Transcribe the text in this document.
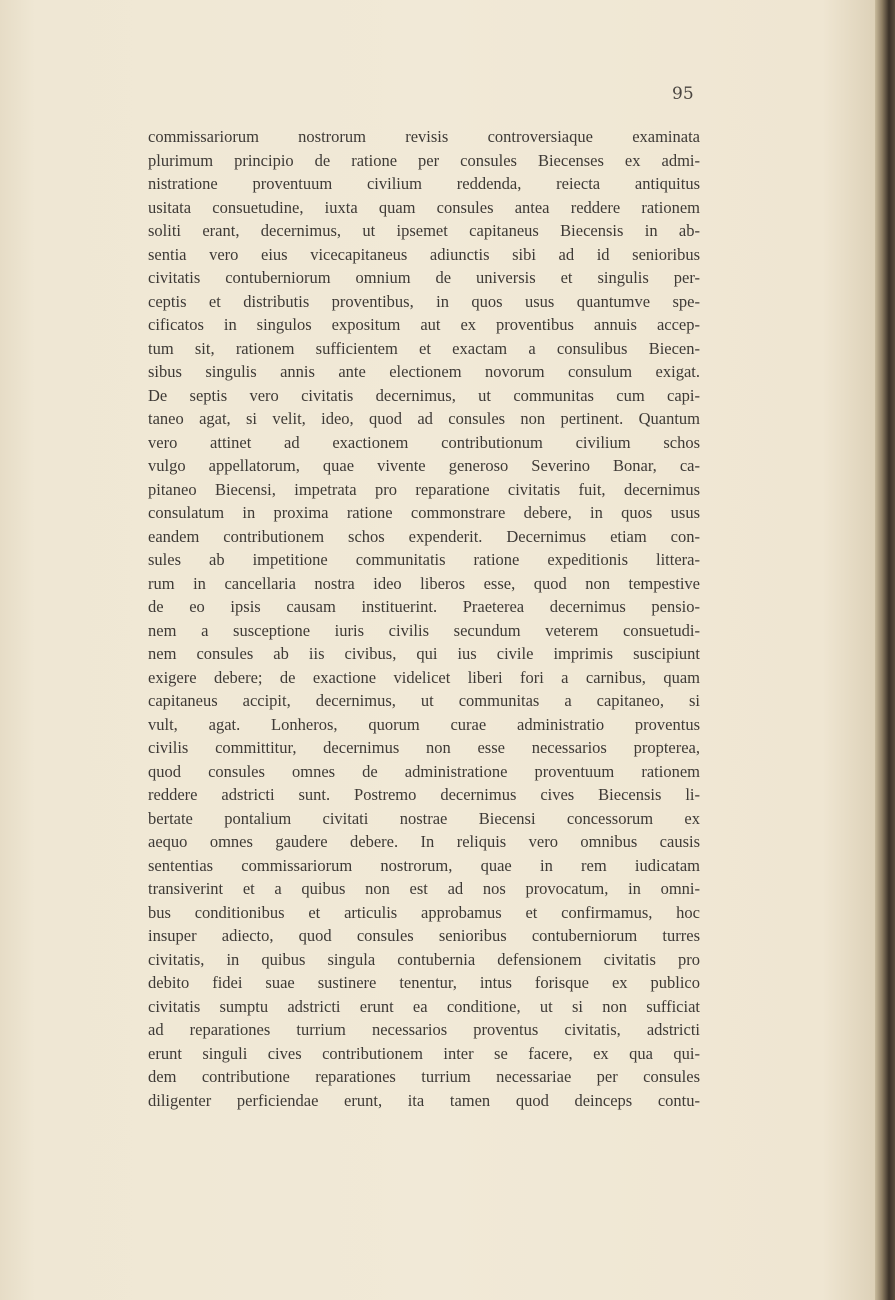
95

commissariorum nostrorum revisis controversiaque examinata
plurimum principio de ratione per consules Biecenses ex admi-
nistratione proventuum civilium reddenda, reiecta antiquitus
usitata consuetudine, iuxta quam consules antea reddere rationem
soliti erant, decernimus, ut ipsemet capitaneus Biecensis in ab-
sentia vero eius vicecapitaneus adiunctis sibi ad id senioribus
civitatis contuberniorum omnium de universis et singulis per-
ceptis et distributis proventibus, in quos usus quantumve spe-
cificatos in singulos expositum aut ex proventibus annuis accep-
tum sit, rationem sufficientem et exactam a consulibus Biecen-
sibus singulis annis ante electionem novorum consulum exigat.
De septis vero civitatis decernimus, ut communitas cum capi-
taneo agat, si velit, ideo, quod ad consules non pertinent. Quantum
vero attinet ad exactionem contributionum civilium schos
vulgo appellatorum, quae vivente generoso Severino Bonar, ca-
pitaneo Biecensi, impetrata pro reparatione civitatis fuit, decernimus
consulatum in proxima ratione commonstrare debere, in quos usus
eandem contributionem schos expenderit. Decernimus etiam con-
sules ab impetitione communitatis ratione expeditionis littera-
rum in cancellaria nostra ideo liberos esse, quod non tempestive
de eo ipsis causam instituerint. Praeterea decernimus pensio-
nem a susceptione iuris civilis secundum veterem consuetudi-
nem consules ab iis civibus, qui ius civile imprimis suscipiunt
exigere debere; de exactione videlicet liberi fori a carnibus, quam
capitaneus accipit, decernimus, ut communitas a capitaneo, si
vult, agat. Lonheros, quorum curae administratio proventus
civilis committitur, decernimus non esse necessarios propterea,
quod consules omnes de administratione proventuum rationem
reddere adstricti sunt. Postremo decernimus cives Biecensis li-
bertate pontalium civitati nostrae Biecensi concessorum ex
aequo omnes gaudere debere. In reliquis vero omnibus causis
sententias commissariorum nostrorum, quae in rem iudicatam
transiverint et a quibus non est ad nos provocatum, in omni-
bus conditionibus et articulis approbamus et confirmamus, hoc
insuper adiecto, quod consules senioribus contuberniorum turres
civitatis, in quibus singula contubernia defensionem civitatis pro
debito fidei suae sustinere tenentur, intus forisque ex publico
civitatis sumptu adstricti erunt ea conditione, ut si non sufficiat
ad reparationes turrium necessarios proventus civitatis, adstricti
erunt singuli cives contributionem inter se facere, ex qua qui-
dem contributione reparationes turrium necessariae per consules
diligenter perficiendae erunt, ita tamen quod deinceps contu-
